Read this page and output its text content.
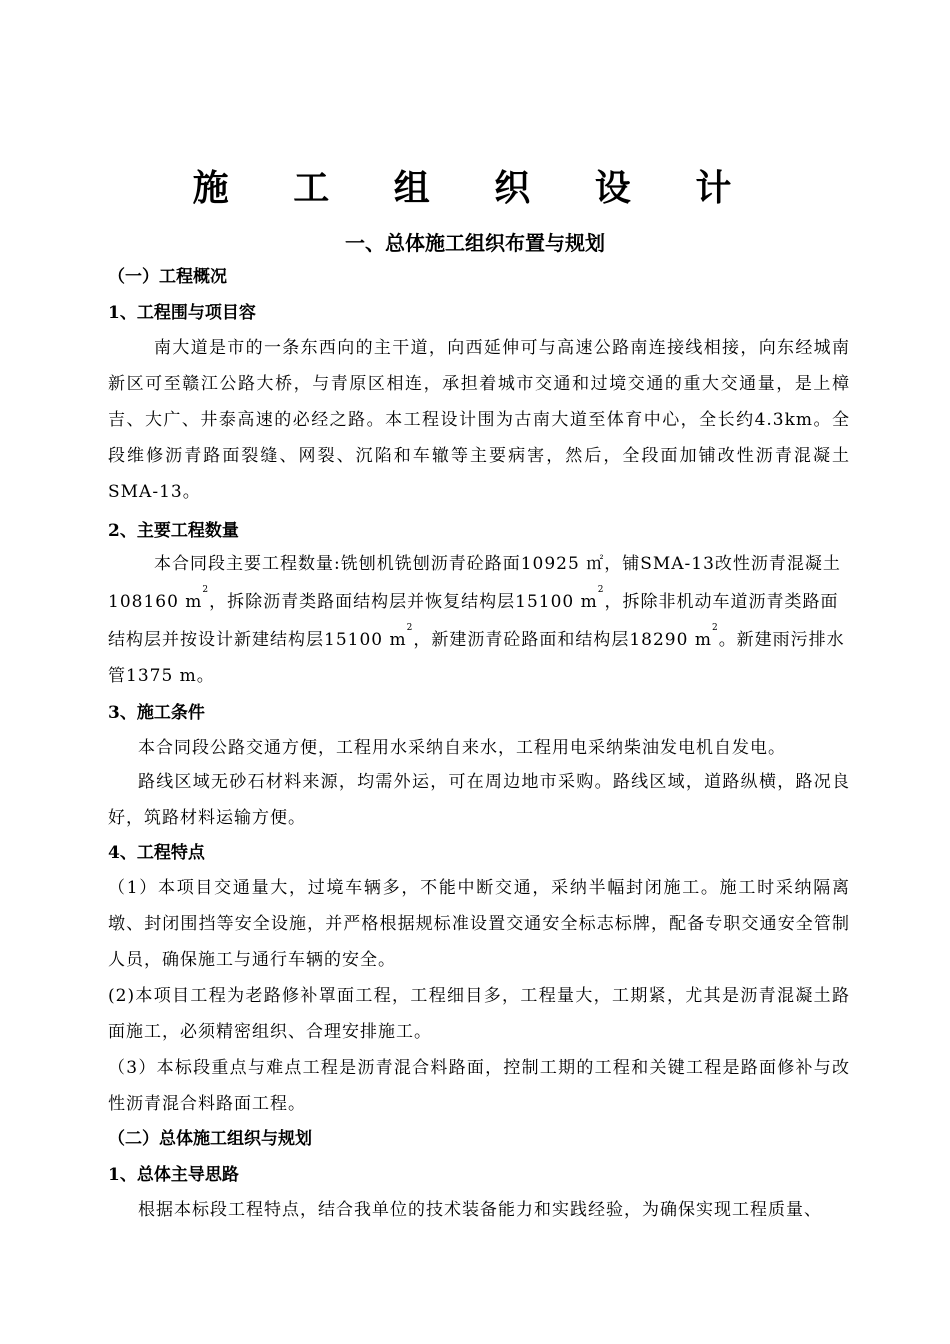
施 工 组 织 设 计
一、总体施工组织布置与规划
（一）工程概况
1、工程围与项目容
南大道是市的一条东西向的主干道，向西延伸可与高速公路南连接线相接，向东经城南新区可至赣江公路大桥，与青原区相连，承担着城市交通和过境交通的重大交通量，是上樟吉、大广、井泰高速的必经之路。本工程设计围为古南大道至体育中心，全长约4.3km。全段维修沥青路面裂缝、网裂、沉陷和车辙等主要病害，然后，全段面加铺改性沥青混凝土SMA-13。
2、主要工程数量
本合同段主要工程数量:铣刨机铣刨沥青砼路面10925 ㎡，铺SMA-13改性沥青混凝土
108160 $m^2$，拆除沥青类路面结构层并恢复结构层15100 $m^2$，拆除非机动车道沥青类路面
结构层并按设计新建结构层15100 $m^2$，新建沥青砼路面和结构层18290 $m^2$。新建雨污排水
管1375 m。
3、施工条件
本合同段公路交通方便，工程用水采纳自来水，工程用电采纳柴油发电机自发电。
路线区域无砂石材料来源，均需外运，可在周边地市采购。路线区域，道路纵横，路况良好，筑路材料运输方便。
4、工程特点
（1）本项目交通量大，过境车辆多，不能中断交通，采纳半幅封闭施工。施工时采纳隔离墩、封闭围挡等安全设施，并严格根据规标准设置交通安全标志标牌，配备专职交通安全管制人员，确保施工与通行车辆的安全。
(2)本项目工程为老路修补罩面工程，工程细目多，工程量大，工期紧，尤其是沥青混凝土路面施工，必须精密组织、合理安排施工。
（3）本标段重点与难点工程是沥青混合料路面，控制工期的工程和关键工程是路面修补与改性沥青混合料路面工程。
（二）总体施工组织与规划
1、总体主导思路
根据本标段工程特点，结合我单位的技术装备能力和实践经验，为确保实现工程质量、
